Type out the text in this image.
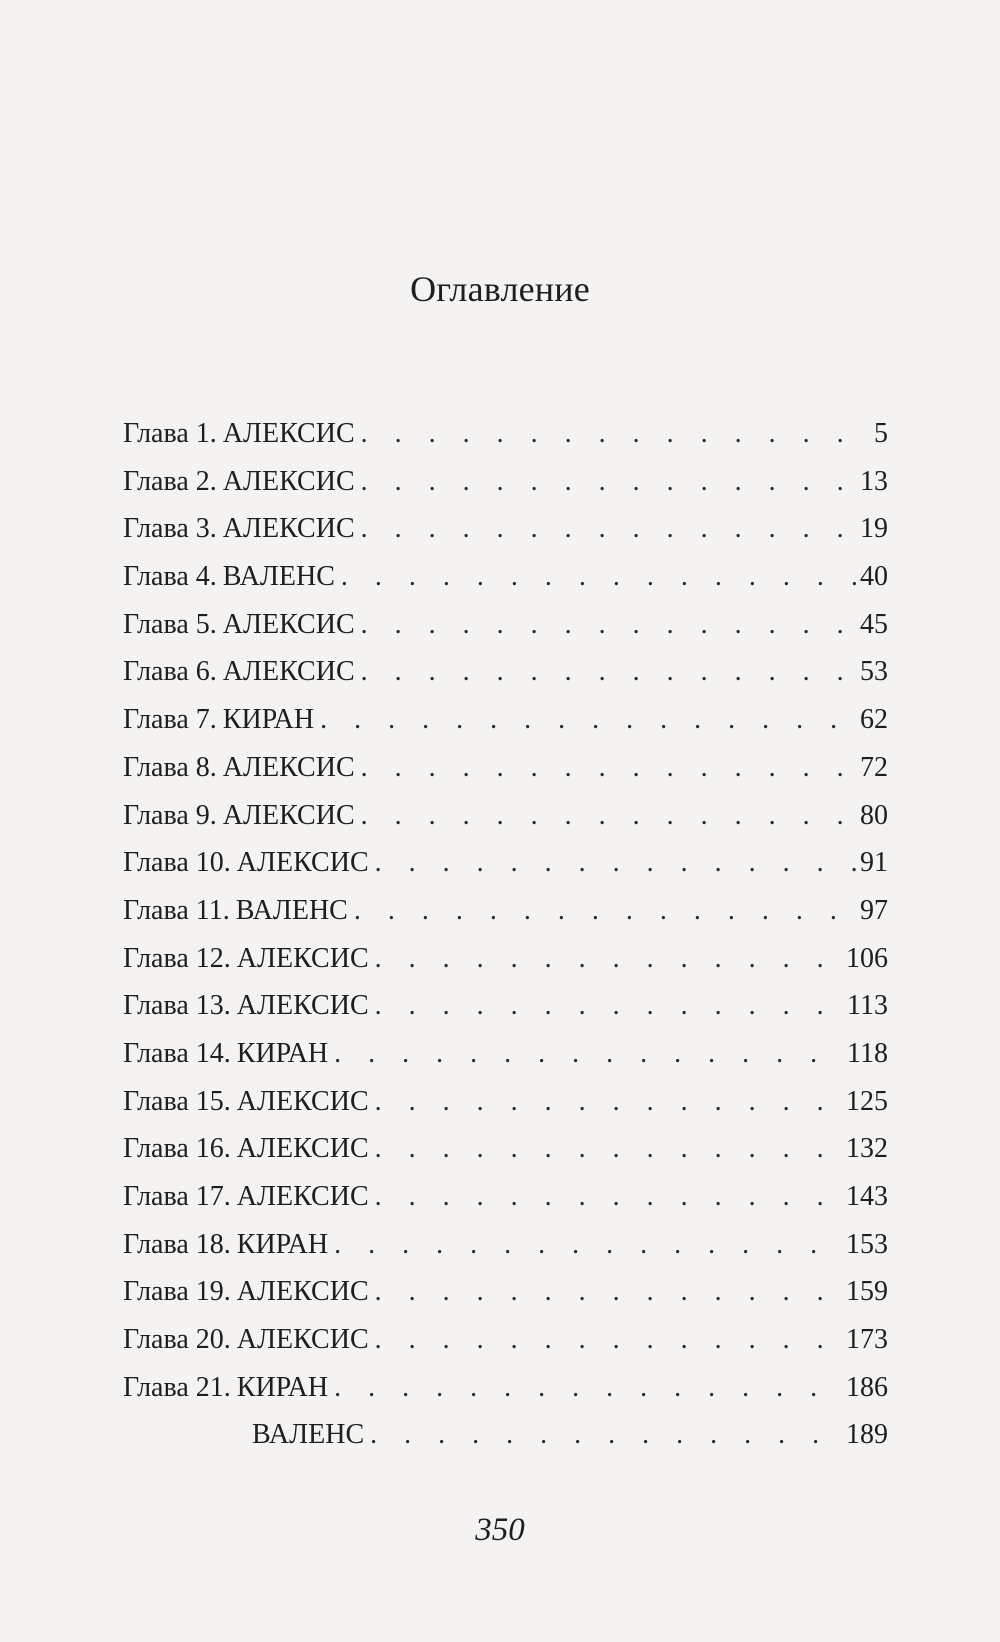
Оглавление
Глава 1. АЛЕКСИС . . .	5
Глава 2. АЛЕКСИС . . .	13
Глава 3. АЛЕКСИС . . .	19
Глава 4. ВАЛЕНС . . .	40
Глава 5. АЛЕКСИС . . .	45
Глава 6. АЛЕКСИС . . .	53
Глава 7. КИРАН . . .	62
Глава 8. АЛЕКСИС . . .	72
Глава 9. АЛЕКСИС . . .	80
Глава 10. АЛЕКСИС . . .	91
Глава 11. ВАЛЕНС . . .	97
Глава 12. АЛЕКСИС . . .	106
Глава 13. АЛЕКСИС . . .	113
Глава 14. КИРАН . . .	118
Глава 15. АЛЕКСИС . . .	125
Глава 16. АЛЕКСИС . . .	132
Глава 17. АЛЕКСИС . . .	143
Глава 18. КИРАН . . .	153
Глава 19. АЛЕКСИС . . .	159
Глава 20. АЛЕКСИС . . .	173
Глава 21. КИРАН . . .	186
ВАЛЕНС . . .	189
350
